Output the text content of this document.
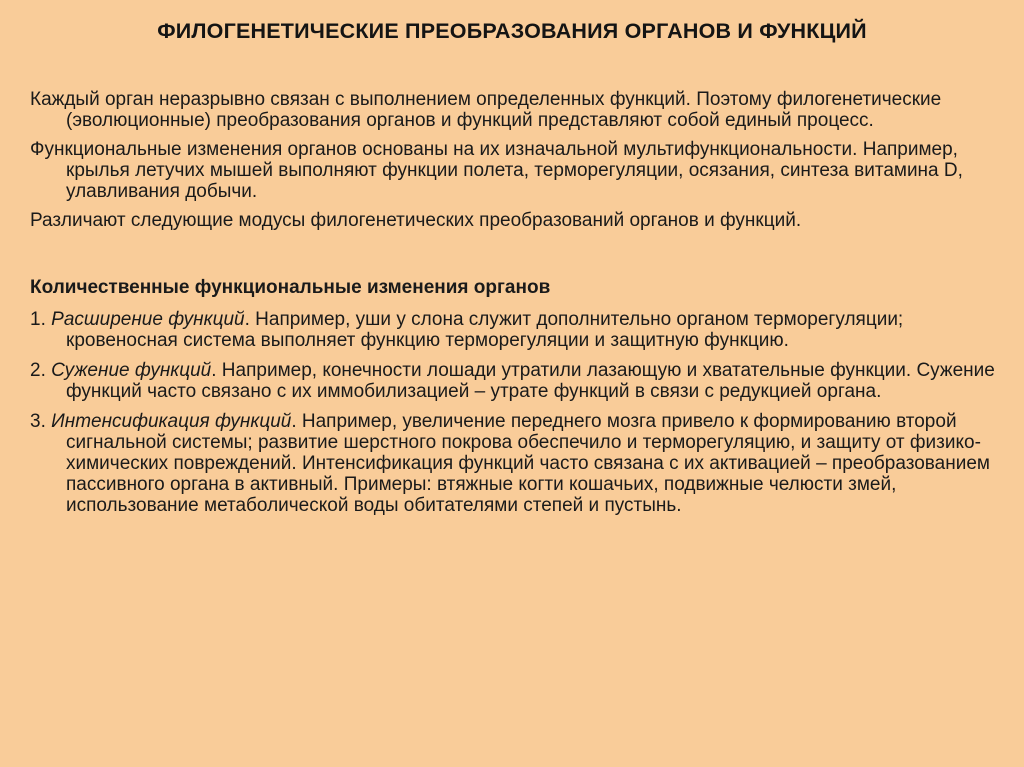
ФИЛОГЕНЕТИЧЕСКИЕ ПРЕОБРАЗОВАНИЯ ОРГАНОВ И ФУНКЦИЙ

Каждый орган неразрывно связан с выполнением определенных функций. Поэтому филогенетические (эволюционные) преобразования органов и функций представляют собой единый процесс.

Функциональные изменения органов основаны на их изначальной мультифункциональности. Например, крылья летучих мышей выполняют функции полета, терморегуляции, осязания, синтеза витамина D, улавливания добычи.

Различают следующие модусы филогенетических преобразований органов и функций.

Количественные функциональные изменения органов

1. Расширение функций. Например, уши у слона служит дополнительно органом терморегуляции; кровеносная система выполняет функцию терморегуляции и защитную функцию.

2. Сужение функций. Например, конечности лошади утратили лазающую и хватательные функции. Сужение функций часто связано с их иммобилизацией – утрате функций в связи с редукцией органа.

3. Интенсификация функций. Например, увеличение переднего мозга привело к формированию второй сигнальной системы; развитие шерстного покрова обеспечило и терморегуляцию, и защиту от физико-химических повреждений. Интенсификация функций часто связана с их активацией – преобразованием пассивного органа в активный. Примеры: втяжные когти кошачьих, подвижные челюсти змей, использование метаболической воды обитателями степей и пустынь.
